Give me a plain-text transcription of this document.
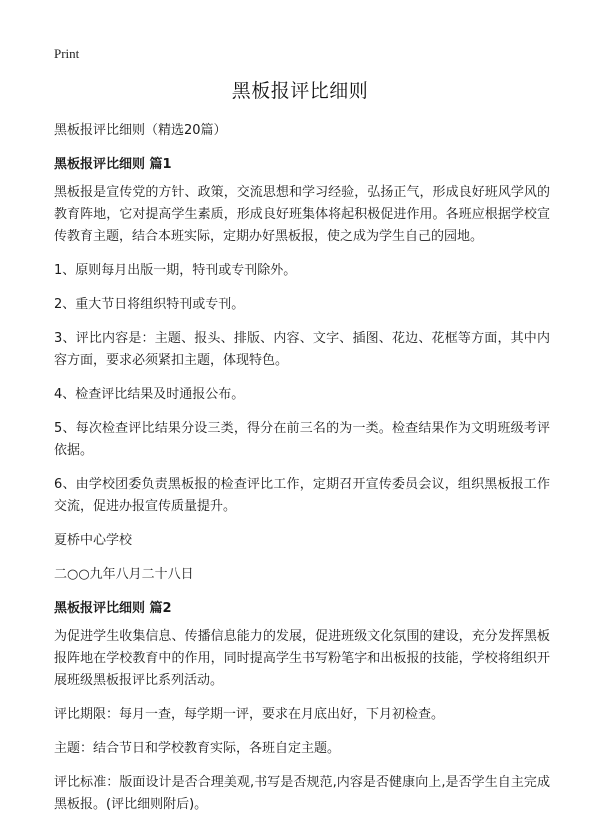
Print
黑板报评比细则

黑板报评比细则（精选20篇）

黑板报评比细则 篇1

黑板报是宣传党的方针、政策，交流思想和学习经验，弘扬正气，形成良好班风学风的教育阵地，它对提高学生素质，形成良好班集体将起积极促进作用。各班应根据学校宣传教育主题，结合本班实际，定期办好黑板报，使之成为学生自己的园地。

1、原则每月出版一期，特刊或专刊除外。

2、重大节日将组织特刊或专刊。

3、评比内容是：主题、报头、排版、内容、文字、插图、花边、花框等方面，其中内容方面，要求必须紧扣主题，体现特色。

4、检查评比结果及时通报公布。

5、每次检查评比结果分设三类，得分在前三名的为一类。检查结果作为文明班级考评依据。

6、由学校团委负责黑板报的检查评比工作，定期召开宣传委员会议，组织黑板报工作交流，促进办报宣传质量提升。

夏桥中心学校

二○○九年八月二十八日

黑板报评比细则 篇2

为促进学生收集信息、传播信息能力的发展，促进班级文化氛围的建设，充分发挥黑板报阵地在学校教育中的作用，同时提高学生书写粉笔字和出板报的技能，学校将组织开展班级黑板报评比系列活动。

评比期限：每月一查，每学期一评，要求在月底出好，下月初检查。

主题：结合节日和学校教育实际，各班自定主题。

评比标准：版面设计是否合理美观,书写是否规范,内容是否健康向上,是否学生自主完成黑板报。(评比细则附后)。
